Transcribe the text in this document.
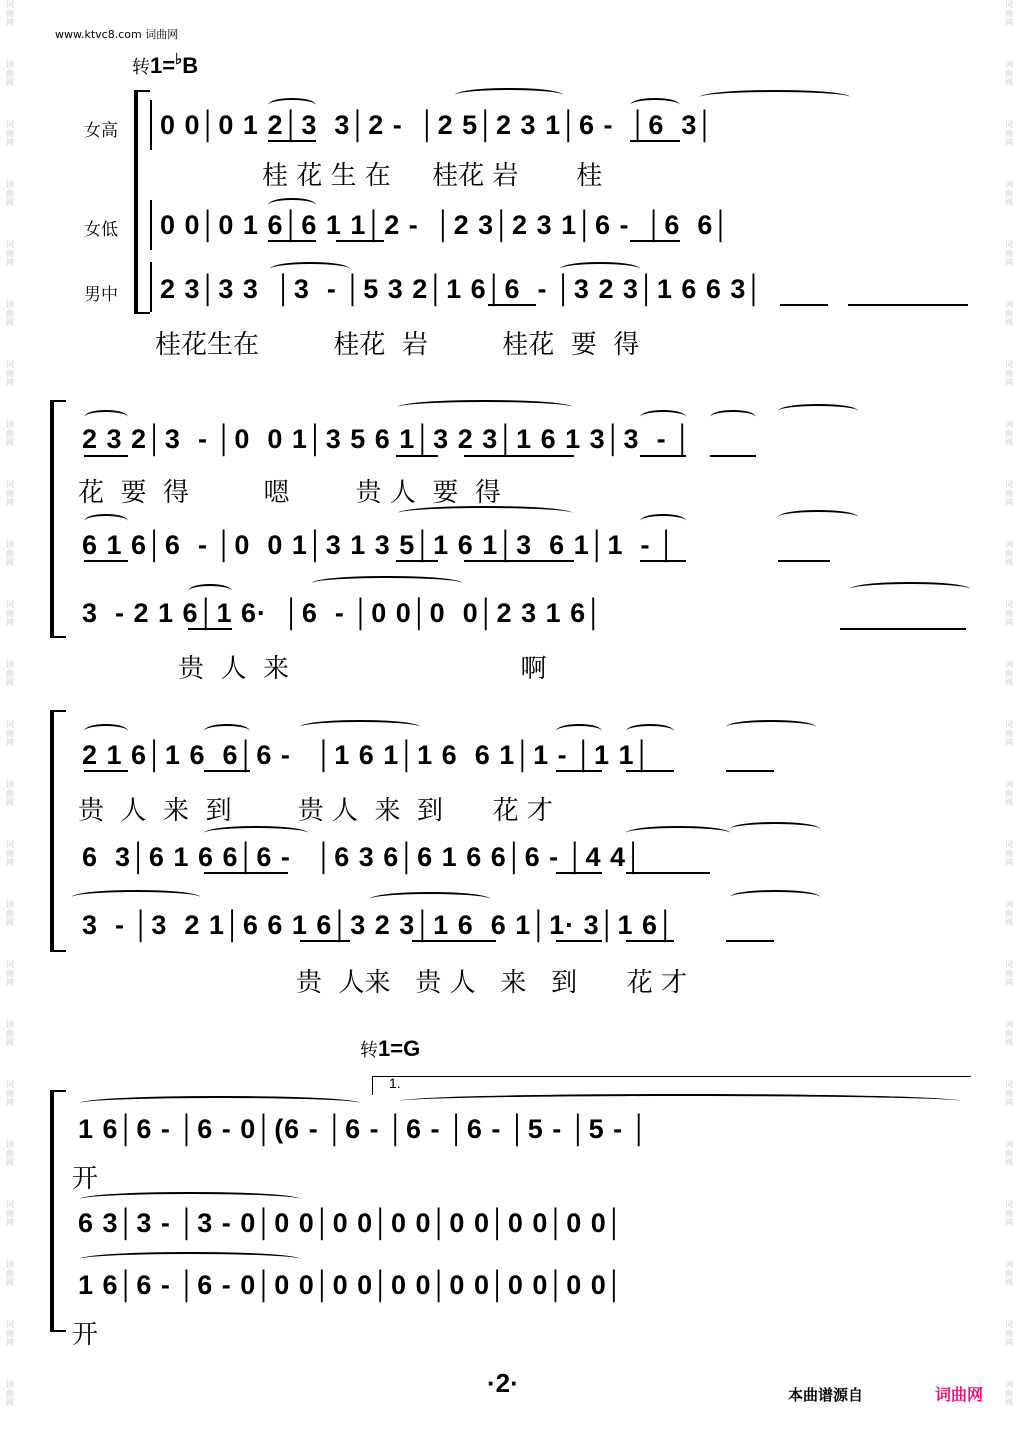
词
曲
网
词
曲
网
词
曲
网
词
曲
网
词
曲
网
词
曲
网
词
曲
网
词
曲
网
词
曲
网
词
曲
网
词
曲
网
词
曲
网
词
曲
网
词
曲
网
词
曲
网
词
曲
网
词
曲
网
词
曲
网
词
曲
网
词
曲
网
词
曲
网
词
曲
网
词
曲
网
词
曲
网
词
曲
网
词
曲
网
词
曲
网
词
曲
网
词
曲
网
词
曲
网
词
曲
网
词
曲
网
词
曲
网
词
曲
网
词
曲
网
词
曲
网
词
曲
网
词
曲
网
词
曲
网
词
曲
网
词
曲
网
词
曲
网
词
曲
网
词
曲
网
词
曲
网
词
曲
网
词
曲
网
词
曲
网
www.ktvc8.com 词曲网
转1=♭B
女高
女低
男中
0 0│0 1 2│3  3│2 -  │2 5│2 3 1│6 -  │6  3│
桂 花 生 在     桂花 岩       桂
0 0│0 1 6│6 1 1│2 -  │2 3│2 3 1│6 -  │6  6│
2 3│3 3  │3  - │5 3 2│1 6│6  - │3 2 3│1 6 6 3│
桂花生在         桂花  岩         桂花  要  得
2 3 2│3  - │0  0 1│3 5 6 1│3 2 3│1 6 1 3│3  - │
花  要  得         嗯        贵 人  要  得
6 1 6│6  - │0  0 1│3 1 3 5│1 6 1│3  6 1│1  - │
3  - 2 1 6│1 6·  │6  - │0 0│0  0│2 3 1 6│
贵  人  来                            啊
2 1 6│1 6  6│6 -   │1 6 1│1 6  6 1│1 - │1 1│
贵  人  来  到        贵 人  来  到      花 才
6  3│6 1 6 6│6 -   │6 3 6│6 1 6 6│6 - │4 4│
3  - │3  2 1│6 6 1 6│3 2 3│1 6  6 1│1· 3│1 6│
贵  人来   贵 人   来   到      花 才
转1=G
1.
1 6│6 - │6 - 0│(6 - │6 - │6 - │6 - │5 - │5 - │
开
6 3│3 - │3 - 0│0 0│0 0│0 0│0 0│0 0│0 0│
1 6│6 - │6 - 0│0 0│0 0│0 0│0 0│0 0│0 0│
开
·2·	本曲谱源自	词曲网
